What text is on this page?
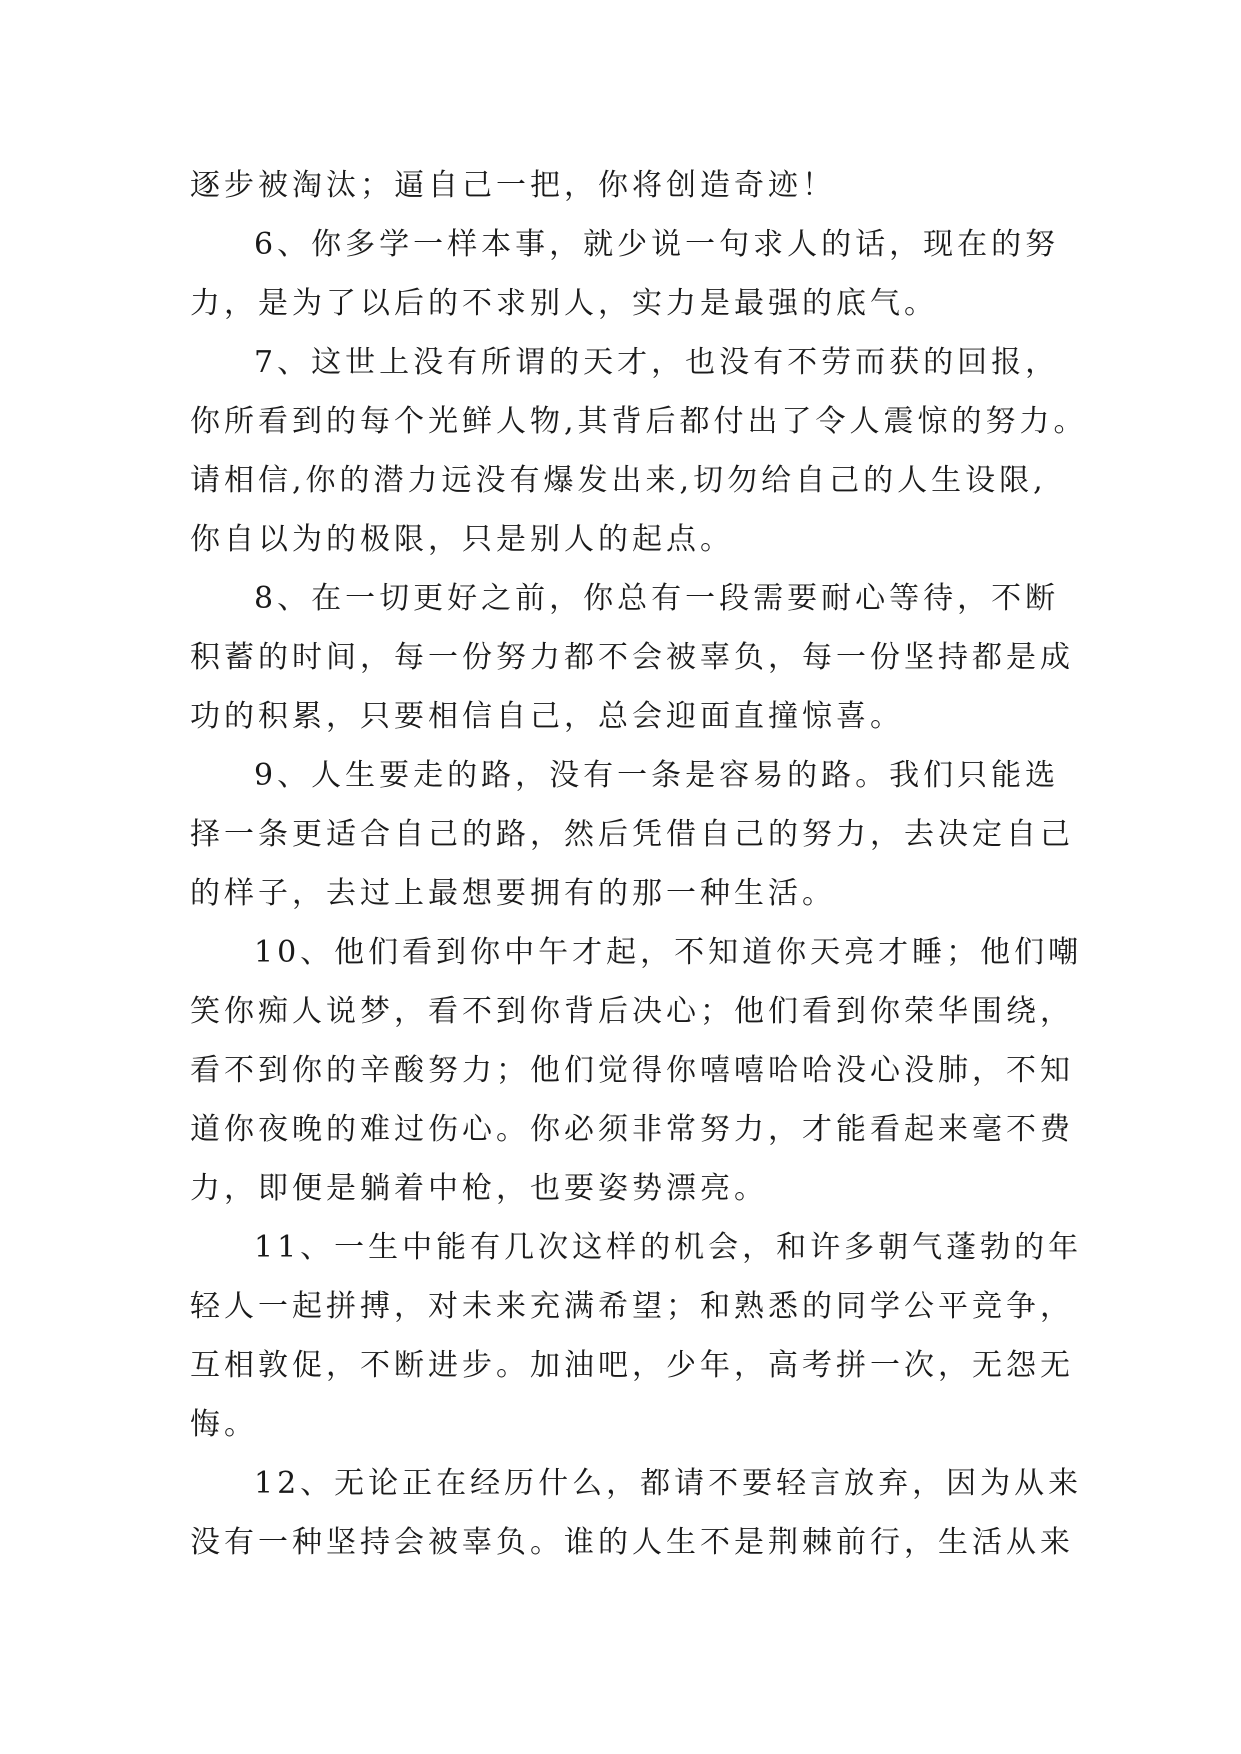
逐步被淘汰；逼自己一把，你将创造奇迹！
6、你多学一样本事，就少说一句求人的话，现在的努
力，是为了以后的不求别人，实力是最强的底气。
7、这世上没有所谓的天才，也没有不劳而获的回报，
你所看到的每个光鲜人物,其背后都付出了令人震惊的努力。
请相信,你的潜力远没有爆发出来,切勿给自己的人生设限,
你自以为的极限，只是别人的起点。
8、在一切更好之前，你总有一段需要耐心等待，不断
积蓄的时间，每一份努力都不会被辜负，每一份坚持都是成
功的积累，只要相信自己，总会迎面直撞惊喜。
9、人生要走的路，没有一条是容易的路。我们只能选
择一条更适合自己的路，然后凭借自己的努力，去决定自己
的样子，去过上最想要拥有的那一种生活。
10、他们看到你中午才起，不知道你天亮才睡；他们嘲
笑你痴人说梦，看不到你背后决心；他们看到你荣华围绕，
看不到你的辛酸努力；他们觉得你嘻嘻哈哈没心没肺，不知
道你夜晚的难过伤心。你必须非常努力，才能看起来毫不费
力，即便是躺着中枪，也要姿势漂亮。
11、一生中能有几次这样的机会，和许多朝气蓬勃的年
轻人一起拼搏，对未来充满希望；和熟悉的同学公平竞争，
互相敦促，不断进步。加油吧，少年，高考拼一次，无怨无
悔。
12、无论正在经历什么，都请不要轻言放弃，因为从来
没有一种坚持会被辜负。谁的人生不是荆棘前行，生活从来
